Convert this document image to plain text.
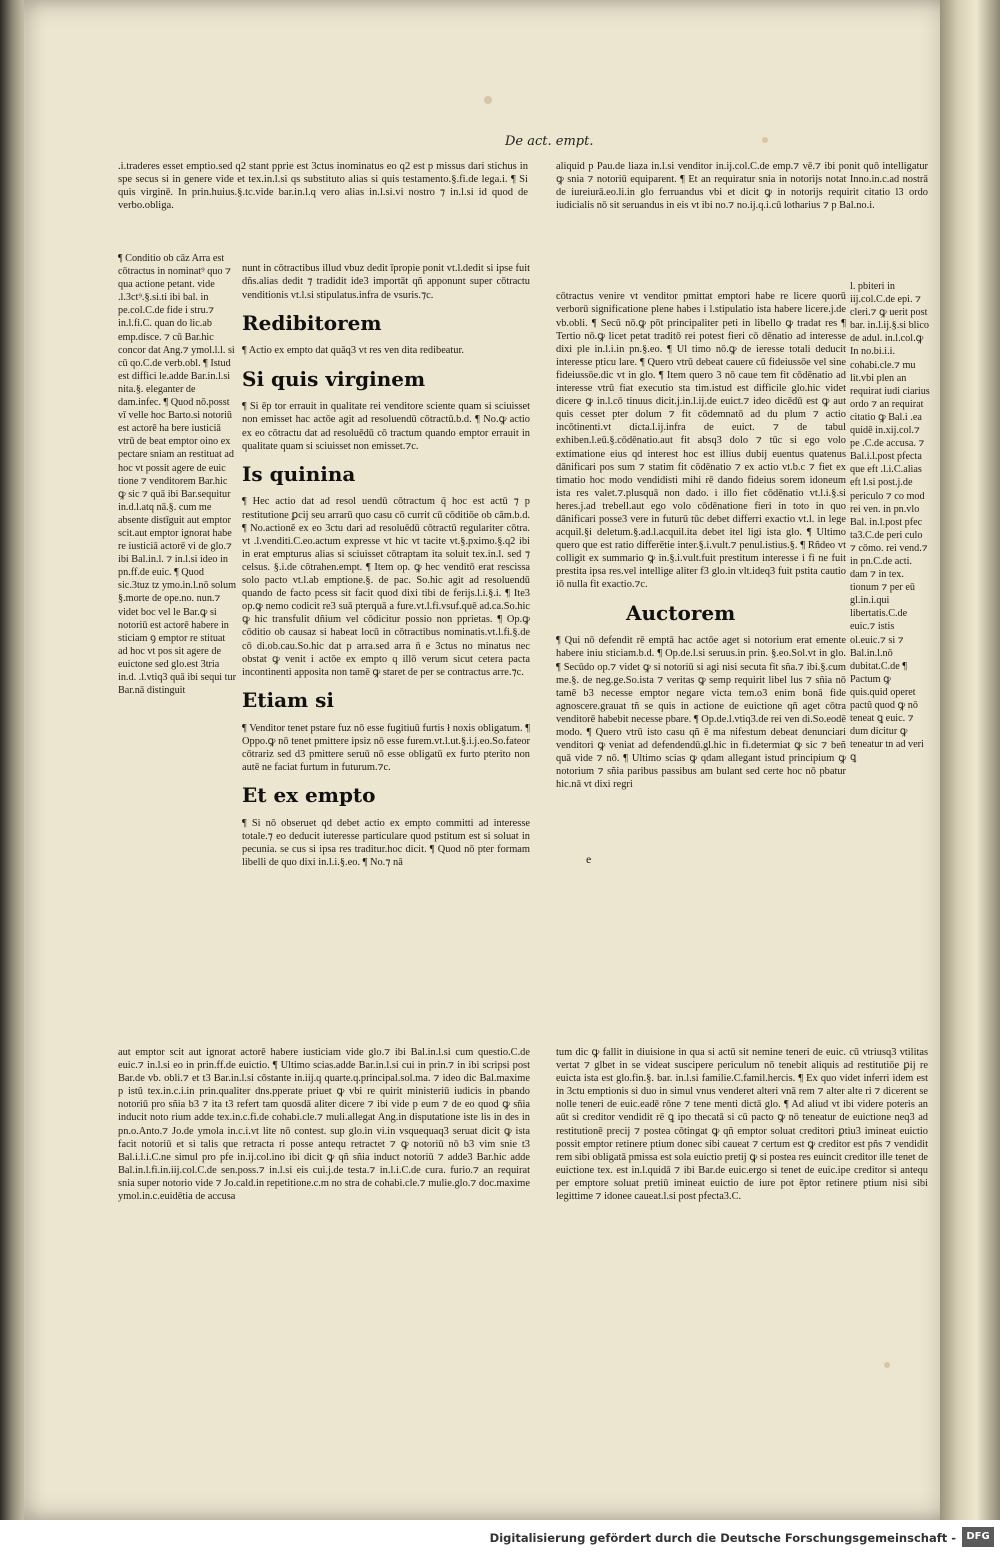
De act. empt.

.i.traderes esset emptio.sed q2 stant pprie est 3ctus inominatus eo q2 est p missus dari stichus in spe secus si in genere vide et tex.in.l.si qs substituto alias si quis testamento.§.fi.de lega.i. ¶ Si quis virginē. In prin.huius.§.tc.vide bar.in.l.q vero alias in.l.si.vi nostro ⁊ in.l.si id quod de verbo.obliga.

¶ Conditio ob cāz Arra est cōtractus in nominat⁹ quo ⁊ qua actione petant. vide .l.3ct⁹.§.si.ti ibi bal. in pe.col.C.de fide i stru.⁊ in.l.fi.C. quan do lic.ab emp.disce. ⁊ cū Bar.hic concor dat Ang.⁊ ymol.l.l. si cū qo.C.de verb.obl. ¶ Istud est diffici le.adde Bar.in.l.si nita.§. eleganter de dam.infec. ¶ Quod nō.posst vī velle hoc Barto.si notoriū est actorē ha bere iusticiā vtrū de beat emptor oino ex pectare sniam an restituat ad hoc vt possit agere de euic tione ⁊ venditorem Bar.hic ꝙ sic ⁊ quā ibi Bar.sequitur in.d.l.atq nā.§. cum me absente distīguit aut emptor scit.aut emptor ignorat habe re iusticiā actorē vi de glo.⁊ ibi Bal.in.l. ⁊ in.l.si ideo in pn.ff.de euic. ¶ Quod sic.3tuz tz ymo.in.l.nō solum §.morte de ope.no. nun.⁊ videt boc vel le Bar.ꝙ si notoriū est actorē habere in sticiam ꝯ emptor re stituat ad hoc vt pos sit agere de euictone sed glo.est 3tria in.d. .l.vtiq3 quā ibi sequi tur Bar.nā distinguit

nunt in cōtractibus illud vbuz dedit īpropie ponit vt.l.dedit si ipse fuit dñs.alias dedit ⁊ tradidit ide3 importāt qñ apponunt super cōtractu venditionis vt.l.si stipulatus.infra de vsuris.⁊c.

Redibitorem

¶ Actio ex empto dat quāq3 vt res ven dita redibeatur.

Si quis virginem

¶ Si ēp tor errauit in qualitate rei venditore sciente quam si sciuisset non emisset hac actōe agit ad resoluendū cōtractū.b.d. ¶ No.ꝙ actio ex eo cōtractu dat ad resoluēdū cō tractum quando emptor errauit in qualitate quam si sciuisset non emisset.⁊c.

Is quinina

¶ Hec actio dat ad resol uendū cōtractum q̄ hoc est actū ⁊ p restitutione ꝑcij seu arrarū quo casu cō currit cū cōditiōe ob cām.b.d. ¶ No.actionē ex eo 3ctu dari ad resoluēdū cōtractū regulariter cōtra. vt .l.venditi.C.eo.actum expresse vt hic vt tacite vt.§.pximo.§.q2 ibi in erat empturus alias si sciuisset cōtraptam ita soluit tex.in.l. sed ⁊ celsus. §.i.de cōtrahen.empt. ¶ Item op. ꝙ hec venditō erat rescissa solo pacto vt.l.ab emptione.§. de pac. So.hic agit ad resoluendū quando de facto pcess sit facit quod dixi tibi de ferijs.l.i.§.i. ¶ Ite3 op.ꝙ nemo codicit re3 suā pterquā a fure.vt.l.fi.vsuf.quē ad.ca.So.hic ꝙ hic transfulit dñium vel cōdicitur possio non pprietas. ¶ Op.ꝙ cōditio ob causaz si habeat locū in cōtractibus nominatis.vt.l.fi.§.de cō di.ob.cau.So.hic dat p arra.sed arra n̄ e 3ctus no minatus nec obstat ꝙ venit i actōe ex empto q illō verum sicut cetera pacta incontinenti apposita non tamē ꝙ staret de per se contractus arre.⁊c.

Etiam si

¶ Venditor tenet pstare fuz nō esse fugitiuū furtis ł noxis obligatum. ¶ Oppo.ꝙ nō tenet pmittere ipsiz nō esse furem.vt.l.ut.§.i.j.eo.So.fateor cōtrariz sed d3 pmittere seruū nō esse obligatū ex furto pterito non autē ne faciat furtum in futurum.⁊c.

Et ex empto

¶ Si nō obseruet qd debet actio ex empto committi ad interesse totale.⁊ eo deducit iuteresse particulare quod pstitum est si soluat in pecunia. se cus si ipsa res traditur.hoc dicit. ¶ Quod nō pter formam libelli de quo dixi in.l.i.§.eo. ¶ No.⁊ nā

aut emptor scit aut ignorat actorē habere iusticiam vide glo.⁊ ibi Bal.in.l.si cum questio.C.de euic.⁊ in.l.si eo in prin.ff.de euictio. ¶ Ultimo scias.adde Bar.in.l.si cui in prin.⁊ in ibi scripsi post Bar.de vb. obli.⁊ et t3 Bar.in.l.si cōstante in.iij.q quarte.q.principal.sol.ma. ⁊ ideo dic Bal.maxime p istū tex.in.c.i.in prin.qualiter dns.pperate priuet ꝙ vbi re quirit ministeriū iudicis in pbando notoriū pro sñia b3 ⁊ ita t3 refert tam quosdā aliter dicere ⁊ ibi vide p eum ⁊ de eo quod ꝙ sñia inducit noto rium adde tex.in.c.fi.de cohabi.cle.⁊ muli.allegat Ang.in disputatione iste lis in des in pn.o.Anto.⁊ Jo.de ymola in.c.i.vt lite nō contest. sup glo.in vi.in vsquequaq3 seruat dicit ꝙ ista facit notoriū et si talis que retracta ri posse antequ retractet ⁊ ꝙ notoriū nō b3 vim snie t3 Bal.i.l.i.C.ne simul pro pfe in.ij.col.ino ibi dicit ꝙ qñ sñia induct notoriū ⁊ adde3 Bar.hic adde Bal.in.l.fi.in.iij.col.C.de sen.poss.⁊ in.l.si eis cui.j.de testa.⁊ in.l.i.C.de cura. furio.⁊ an requirat snia super notorio vide ⁊ Jo.cald.in repetitione.c.m no stra de cohabi.cle.⁊ mulie.glo.⁊ doc.maxime ymol.in.c.euidētia de accusa
aliquid p Pau.de liaza in.l.si venditor in.ij.col.C.de emp.⁊ vē.⁊ ibi ponit quō intelligatur ꝙ snia ⁊ notoriū equiparent. ¶ Et an requiratur snia in notorijs notat Inno.in.c.ad nostrā de iureiurā.eo.li.in glo ferruandus vbi et dicit ꝙ in notorijs requirit citatio l3 ordo iudicialis nō sit seruandus in eis vt ibi no.⁊ no.ij.q.i.cū lotharius ⁊ p Bal.no.i.

cōtractus venire vt venditor pmittat emptori habe re licere quorū verborū significatione plene habes i l.stipulatio ista habere licere.j.de vb.obli. ¶ Secū nō.ꝙ pōt principaliter peti in libello ꝙ tradat res ¶ Tertio nō.ꝙ licet petat traditō rei potest fieri cō dēnatio ad interesse dixi ple in.l.i.in pn.§.eo. ¶ Ul timo nō.ꝙ de ieresse totali deducit interesse pticu lare. ¶ Quero vtrū debeat cauere cū fideiussōe vel sine fideiussōe.dic vt in glo. ¶ Item quero 3 nō caue tem fit cōdēnatio ad interesse vtrū fiat executio sta tim.istud est difficile glo.hic videt dicere ꝙ in.l.cō tinuus dicit.j.in.l.ij.de euict.⁊ ideo dicēdū est ꝙ aut quis cesset pter dolum ⁊ fit cōdemnatō ad du plum ⁊ actio incōtinenti.vt dicta.l.ij.infra de euict. ⁊ de tabul exhiben.l.eū.§.cōdēnatio.aut fit absq3 dolo ⁊ tūc si ego volo extimatione eius qd interest hoc est illius dubij euentus quatenus dānificari pos sum ⁊ statim fit cōdēnatio ⁊ ex actio vt.b.c ⁊ fiet ex timatio hoc modo vendidisti mihi rē dando fideius sorem idoneum ista res valet.⁊.plusquā non dado. i illo fiet cōdēnatio vt.l.i.§.si heres.j.ad trebell.aut ego volo cōdēnatione fieri in toto in quo dānificari posse3 vere in futurū tūc debet differri exactio vt.l. in lege acquil.§i deletum.§.ad.l.acquil.ita debet itel ligi ista glo. ¶ Ultimo quero que est ratio differētie inter.§.i.vult.⁊ penul.istius.§. ¶ Rñdeo vt colligit ex summario ꝙ in.§.i.vult.fuit prestitum interesse i fi ne fuit prestita ipsa res.vel intellige aliter f3 glo.in vlt.ideq3 fuit pstita cautio iō nulla fit exactio.⁊c.

Auctorem

¶ Qui nō defendit rē emptā hac actōe aget si notorium erat emente habere iniu sticiam.b.d. ¶ Op.de.l.si seruus.in prin. §.eo.Sol.vt in glo. ¶ Secūdo op.⁊ videt ꝙ si notoriū si agi nisi secuta fit sña.⁊ ibi.§.cum me.§. de neg.ge.So.ista ⁊ veritas ꝙ semp requirit libel lus ⁊ sñia nō tamē b3 necesse emptor negare victa tem.o3 enim bonā fide agnoscere.grauat tñ se quis in actione de euictione qñ aget cōtra venditorē habebit necesse pbare. ¶ Op.de.l.vtiq3.de rei ven di.So.eodē modo. ¶ Quero vtrū isto casu qñ ē ma nifestum debeat denunciari venditori ꝙ veniat ad defendendū.gl.hic in fi.determiat ꝙ sic ⁊ beñ quā vide ⁊ nō. ¶ Ultimo scias ꝙ qdam allegant istud principium ꝙ notorium ⁊ sñia paribus passibus am bulant sed certe hoc nō pbatur hic.nā vt dixi regri

e
l. pbiteri in iij.col.C.de epi. ⁊ cleri.⁊ ꝙ uerit post bar. in.l.ij.§.si blico de adul. in.l.col.ꝙ In no.bi.i.i. cohabi.cle.⁊ mu lit.vbi plen an requirat iudi ciarius ordo ⁊ an requirat citatio ꝙ Bal.i .ea quidē in.xij.col.⁊ pe .C.de accusa. ⁊ Bal.i.l.post pfecta que eft .l.i.C.alias eft l.si post.j.de periculo ⁊ co mod rei ven. in pn.vlo Bal. in.l.post pfec ta3.C.de peri culo ⁊ cōmo. rei vend.⁊ in pn.C.de acti. dam ⁊ in tex. tionum ⁊ per eū gl.in.i.qui libertatis.C.de euic.⁊ istis ol.euic.⁊ si ⁊ Bal.in.l.nō dubitat.C.de ¶ Pactum ꝙ quis.quid operet pactū quod ꝙ nō teneat ꝗ euic. ⁊ dum dicitur ꝙ teneatur tn ad veri ꝗ
tum dic ꝙ fallit in diuisione in qua si actū sit nemine teneri de euic. cū vtriusq3 vtilitas vertat ⁊ glbet in se videat suscipere periculum nō tenebit aliquis ad restitutiōe ꝑij re euicta ista est glo.fin.§. bar. in.l.si familie.C.famil.hercis. ¶ Ex quo videt inferri idem est in 3ctu emptionis si duo in simul vnus venderet alteri vnā rem ⁊ alter alte ri ⁊ dicerent se nolle teneri de euic.eadē rōne ⁊ tene menti dictā glo. ¶ Ad aliud vt ibi videre poteris an aūt si creditor vendidit rē ꝗ ipo thecatā si cū pacto ꝙ nō teneatur de euictione neq3 ad restitutionē precij ⁊ postea cōtingat ꝙ qñ emptor soluat creditori ꝑtiu3 imineat euictio possit emptor retinere ptium donec sibi caueat ⁊ certum est ꝙ creditor est pñs ⁊ vendidit rem sibi obligatā pmissa est sola euictio pretij ꝙ si postea res euincit creditor ille tenet de euictione tex. est in.l.quidā ⁊ ibi Bar.de euic.ergo si tenet de euic.ipe creditor si antequ per emptore soluat pretiū imineat euictio de iure pot ēptor retinere ptium nisi sibi legittime ⁊ idonee caueat.l.si post pfecta3.C.
Digitalisierung gefördert durch die Deutsche Forschungsgemeinschaft -	DFG
